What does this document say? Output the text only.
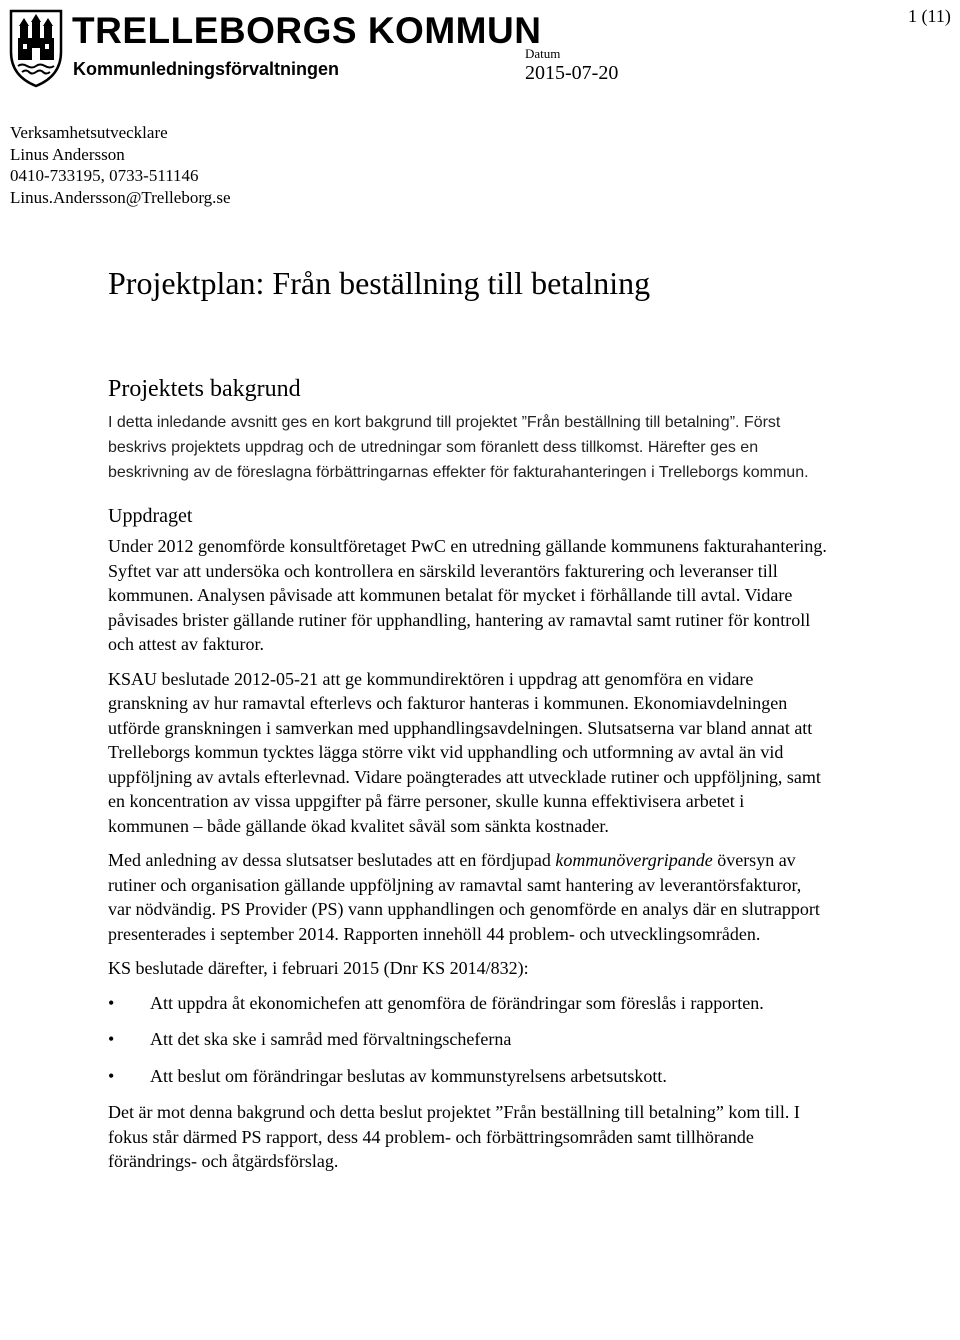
TRELLEBORGS KOMMUN
Kommunledningsförvaltningen
1 (11)
Datum
2015-07-20
Verksamhetsutvecklare
Linus Andersson
0410-733195, 0733-511146
Linus.Andersson@Trelleborg.se
Projektplan: Från beställning till betalning
Projektets bakgrund

I detta inledande avsnitt ges en kort bakgrund till projektet ”Från beställning till betalning”. Först beskrivs projektets uppdrag och de utredningar som föranlett dess tillkomst. Härefter ges en beskrivning av de föreslagna förbättringarnas effekter för fakturahanteringen i Trelleborgs kommun.

Uppdraget

Under 2012 genomförde konsultföretaget PwC en utredning gällande kommunens fakturahantering. Syftet var att undersöka och kontrollera en särskild leverantörs fakturering och leveranser till kommunen. Analysen påvisade att kommunen betalat för mycket i förhållande till avtal. Vidare påvisades brister gällande rutiner för upphandling, hantering av ramavtal samt rutiner för kontroll och attest av fakturor.

KSAU beslutade 2012-05-21 att ge kommundirektören i uppdrag att genomföra en vidare granskning av hur ramavtal efterlevs och fakturor hanteras i kommunen. Ekonomiavdelningen utförde granskningen i samverkan med upphandlingsavdelningen. Slutsatserna var bland annat att Trelleborgs kommun tycktes lägga större vikt vid upphandling och utformning av avtal än vid uppföljning av avtals efterlevnad. Vidare poängterades att utvecklade rutiner och uppföljning, samt en koncentration av vissa uppgifter på färre personer, skulle kunna effektivisera arbetet i kommunen – både gällande ökad kvalitet såväl som sänkta kostnader.

Med anledning av dessa slutsatser beslutades att en fördjupad kommunövergripande översyn av rutiner och organisation gällande uppföljning av ramavtal samt hantering av leverantörsfakturor, var nödvändig. PS Provider (PS) vann upphandlingen och genomförde en analys där en slutrapport presenterades i september 2014. Rapporten innehöll 44 problem- och utvecklingsområden.

KS beslutade därefter, i februari 2015 (Dnr KS 2014/832):

• Att uppdra åt ekonomichefen att genomföra de förändringar som föreslås i rapporten.
• Att det ska ske i samråd med förvaltningscheferna
• Att beslut om förändringar beslutas av kommunstyrelsens arbetsutskott.

Det är mot denna bakgrund och detta beslut projektet ”Från beställning till betalning” kom till. I fokus står därmed PS rapport, dess 44 problem- och förbättringsområden samt tillhörande förändrings- och åtgärdsförslag.
